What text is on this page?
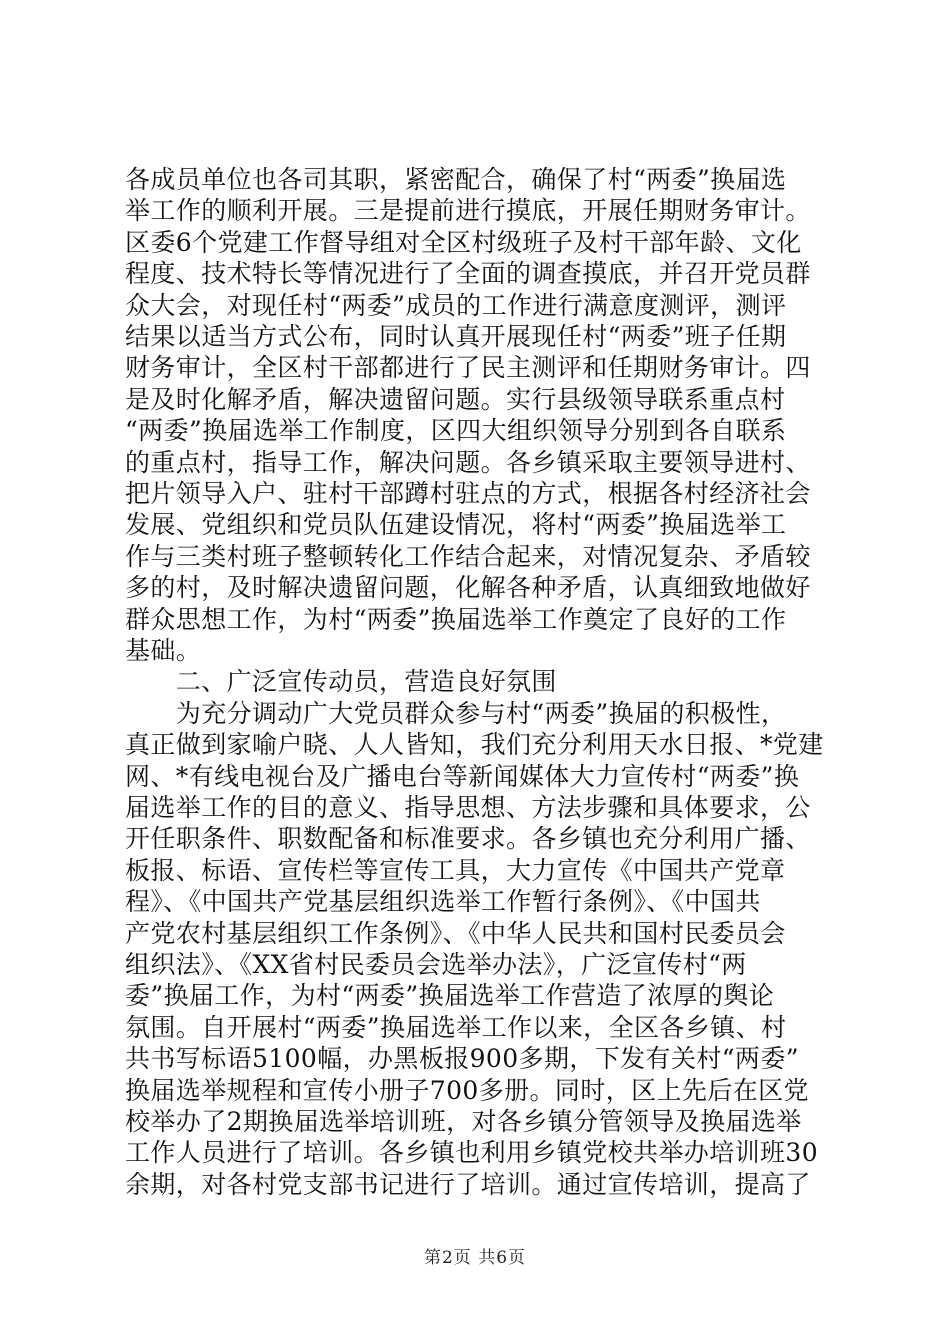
各成员单位也各司其职，紧密配合，确保了村“两委”换届选
举工作的顺利开展。三是提前进行摸底，开展任期财务审计。
区委6个党建工作督导组对全区村级班子及村干部年龄、文化
程度、技术特长等情况进行了全面的调查摸底，并召开党员群
众大会，对现任村“两委”成员的工作进行满意度测评，测评
结果以适当方式公布，同时认真开展现任村“两委”班子任期
财务审计，全区村干部都进行了民主测评和任期财务审计。四
是及时化解矛盾，解决遗留问题。实行县级领导联系重点村
“两委”换届选举工作制度，区四大组织领导分别到各自联系
的重点村，指导工作，解决问题。各乡镇采取主要领导进村、
把片领导入户、驻村干部蹲村驻点的方式，根据各村经济社会
发展、党组织和党员队伍建设情况，将村“两委”换届选举工
作与三类村班子整顿转化工作结合起来，对情况复杂、矛盾较
多的村，及时解决遗留问题，化解各种矛盾，认真细致地做好
群众思想工作，为村“两委”换届选举工作奠定了良好的工作
基础。
　　二、广泛宣传动员，营造良好氛围
　　为充分调动广大党员群众参与村“两委”换届的积极性，
真正做到家喻户晓、人人皆知，我们充分利用天水日报、*党建
网、*有线电视台及广播电台等新闻媒体大力宣传村“两委”换
届选举工作的目的意义、指导思想、方法步骤和具体要求，公
开任职条件、职数配备和标准要求。各乡镇也充分利用广播、
板报、标语、宣传栏等宣传工具，大力宣传《中国共产党章
程》、《中国共产党基层组织选举工作暂行条例》、《中国共
产党农村基层组织工作条例》、《中华人民共和国村民委员会
组织法》、《XX省村民委员会选举办法》，广泛宣传村“两
委”换届工作，为村“两委”换届选举工作营造了浓厚的舆论
氛围。自开展村“两委”换届选举工作以来，全区各乡镇、村
共书写标语5100幅，办黑板报900多期，下发有关村“两委”
换届选举规程和宣传小册子700多册。同时，区上先后在区党
校举办了2期换届选举培训班，对各乡镇分管领导及换届选举
工作人员进行了培训。各乡镇也利用乡镇党校共举办培训班30
余期，对各村党支部书记进行了培训。通过宣传培训，提高了
第2页 共6页
